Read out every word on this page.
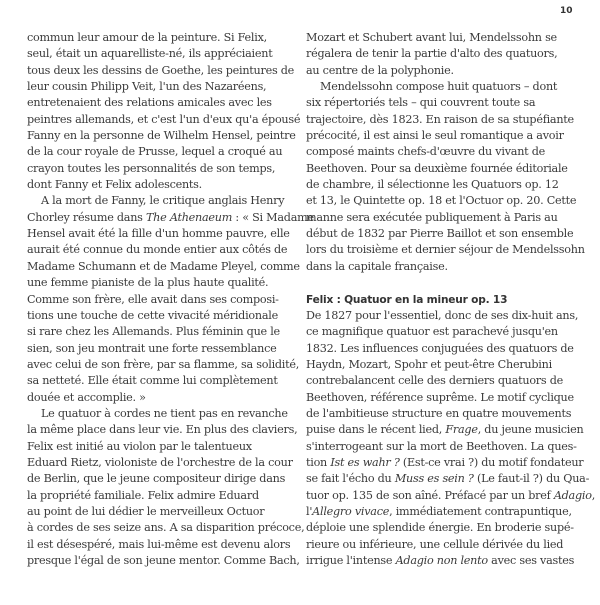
10
commun leur amour de la peinture. Si Felix,
seul, était un aquarelliste-né, ils appréciaient
tous deux les dessins de Goethe, les peintures de
leur cousin Philipp Veit, l'un des Nazaréens,
entretenaient des relations amicales avec les
peintres allemands, et c'est l'un d'eux qu'a épousé
Fanny en la personne de Wilhelm Hensel, peintre
de la cour royale de Prusse, lequel a croqué au
crayon toutes les personnalités de son temps,
dont Fanny et Felix adolescents.
A la mort de Fanny, le critique anglais Henry
Chorley résume dans The Athenaeum : « Si Madame
Hensel avait été la fille d'un homme pauvre, elle
aurait été connue du monde entier aux côtés de
Madame Schumann et de Madame Pleyel, comme
une femme pianiste de la plus haute qualité.
Comme son frère, elle avait dans ses composi-
tions une touche de cette vivacité méridionale
si rare chez les Allemands. Plus féminin que le
sien, son jeu montrait une forte ressemblance
avec celui de son frère, par sa flamme, sa solidité,
sa netteté. Elle était comme lui complètement
douée et accomplie. »
Le quatuor à cordes ne tient pas en revanche
la même place dans leur vie. En plus des claviers,
Felix est initié au violon par le talentueux
Eduard Rietz, violoniste de l'orchestre de la cour
de Berlin, que le jeune compositeur dirige dans
la propriété familiale. Felix admire Eduard
au point de lui dédier le merveilleux Octuor
à cordes de ses seize ans. A sa disparition précoce,
il est désespéré, mais lui-même est devenu alors
presque l'égal de son jeune mentor. Comme Bach,
Mozart et Schubert avant lui, Mendelssohn se
régalera de tenir la partie d'alto des quatuors,
au centre de la polyphonie.
Mendelssohn compose huit quatuors – dont
six répertoriés tels – qui couvrent toute sa
trajectoire, dès 1823. En raison de sa stupéfiante
précocité, il est ainsi le seul romantique a avoir
composé maints chefs-d'œuvre du vivant de
Beethoven. Pour sa deuxième fournée éditoriale
de chambre, il sélectionne les Quatuors op. 12
et 13, le Quintette op. 18 et l'Octuor op. 20. Cette
manne sera exécutée publiquement à Paris au
début de 1832 par Pierre Baillot et son ensemble
lors du troisième et dernier séjour de Mendelssohn
dans la capitale française.
Felix : Quatuor en la mineur op. 13
De 1827 pour l'essentiel, donc de ses dix-huit ans,
ce magnifique quatuor est parachevé jusqu'en
1832. Les influences conjuguées des quatuors de
Haydn, Mozart, Spohr et peut-être Cherubini
contrebalancent celle des derniers quatuors de
Beethoven, référence suprême. Le motif cyclique
de l'ambitieuse structure en quatre mouvements
puise dans le récent lied, Frage, du jeune musicien
s'interrogeant sur la mort de Beethoven. La ques-
tion Ist es wahr ? (Est-ce vrai ?) du motif fondateur
se fait l'écho du Muss es sein ? (Le faut-il ?) du Qua-
tuor op. 135 de son aîné. Préfacé par un bref Adagio,
l'Allegro vivace, immédiatement contrapuntique,
déploie une splendide énergie. En broderie supé-
rieure ou inférieure, une cellule dérivée du lied
irrigue l'intense Adagio non lento avec ses vastes
